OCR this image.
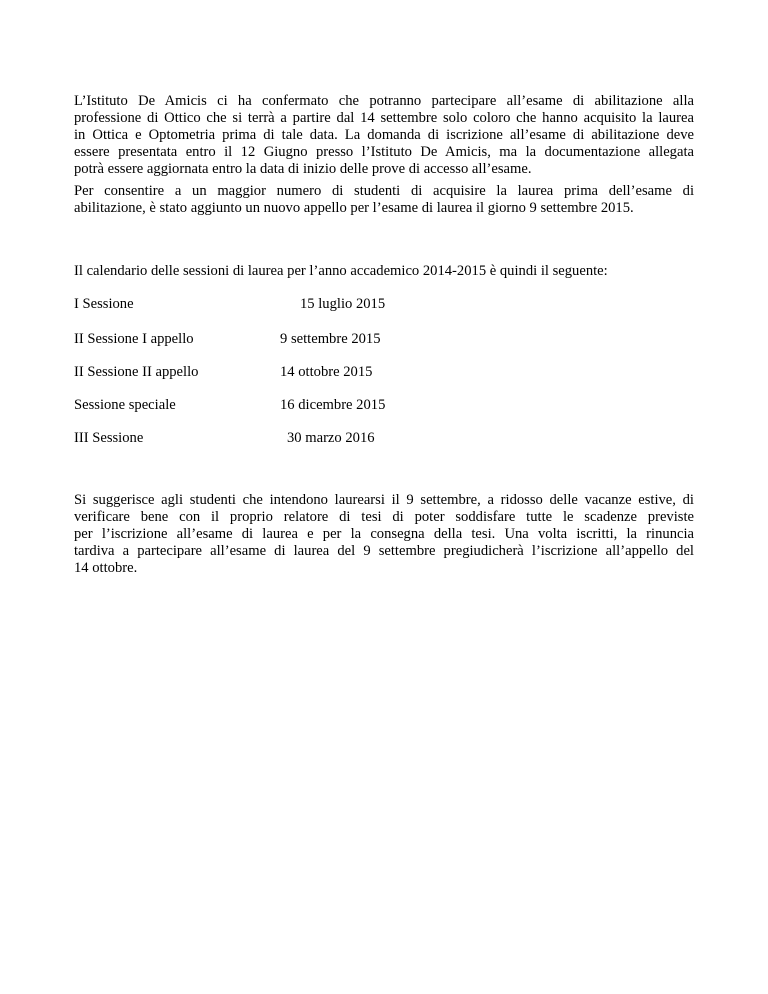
L’Istituto De Amicis ci ha confermato che potranno partecipare all’esame di abilitazione alla
professione di Ottico che si terrà a partire dal 14 settembre solo coloro che hanno acquisito la laurea
in Ottica e Optometria prima di tale data. La domanda di iscrizione all’esame di abilitazione deve
essere presentata entro il 12 Giugno presso l’Istituto De Amicis, ma la documentazione allegata
potrà essere aggiornata entro la data di inizio delle prove di accesso all’esame.

Per consentire a un maggior numero di studenti di acquisire la laurea prima dell’esame di
abilitazione, è stato aggiunto un nuovo appello per l’esame di laurea il giorno 9 settembre 2015.

Il calendario delle sessioni di laurea per l’anno accademico 2014-2015 è quindi il seguente:

I Sessione	15 luglio 2015
II Sessione I appello	9 settembre 2015
II Sessione II appello	14 ottobre 2015
Sessione speciale	16 dicembre 2015
III Sessione	30 marzo 2016

Si suggerisce agli studenti che intendono laurearsi il 9 settembre, a ridosso delle vacanze estive, di
verificare bene con il proprio relatore di tesi di poter soddisfare tutte le scadenze previste
per l’iscrizione all’esame di laurea e per la consegna della tesi. Una volta iscritti, la rinuncia
tardiva a partecipare all’esame di laurea del 9 settembre pregiudicherà l’iscrizione all’appello del
14 ottobre.
